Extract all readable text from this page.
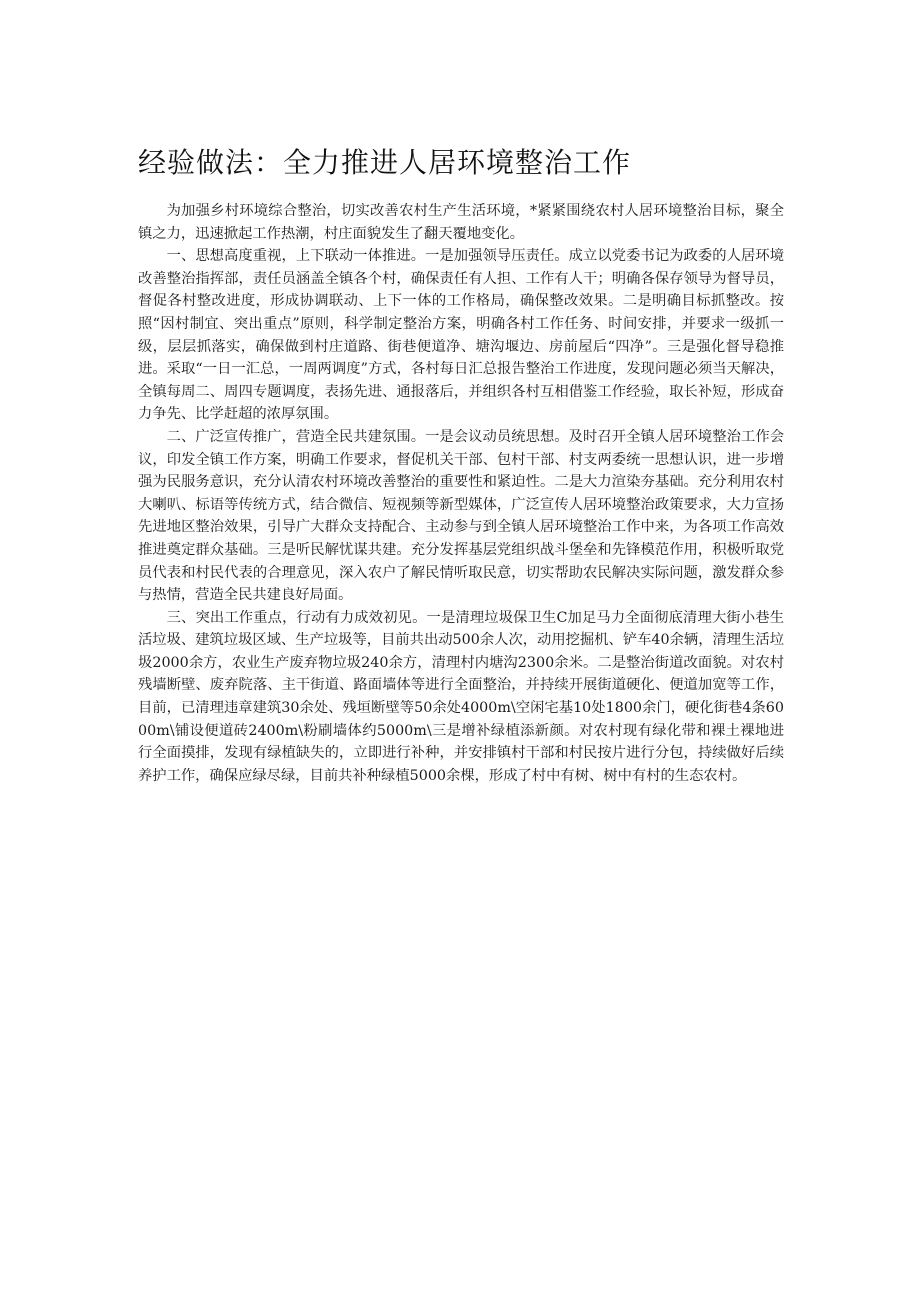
经验做法：全力推进人居环境整治工作

为加强乡村环境综合整治，切实改善农村生产生活环境，*紧紧围绕农村人居环境整治目标，聚全镇之力，迅速掀起工作热潮，村庄面貌发生了翻天覆地变化。

一、思想高度重视，上下联动一体推进。一是加强领导压责任。成立以党委书记为政委的人居环境改善整治指挥部，责任员涵盖全镇各个村，确保责任有人担、工作有人干；明确各保存领导为督导员，督促各村整改进度，形成协调联动、上下一体的工作格局，确保整改效果。二是明确目标抓整改。按照“因村制宜、突出重点”原则，科学制定整治方案，明确各村工作任务、时间安排，并要求一级抓一级，层层抓落实，确保做到村庄道路、街巷便道净、塘沟堰边、房前屋后“四净”。三是强化督导稳推进。采取“一日一汇总，一周两调度”方式，各村每日汇总报告整治工作进度，发现问题必须当天解决，全镇每周二、周四专题调度，表扬先进、通报落后，并组织各村互相借鉴工作经验，取长补短，形成奋力争先、比学赶超的浓厚氛围。

二、广泛宣传推广，营造全民共建氛围。一是会议动员统思想。及时召开全镇人居环境整治工作会议，印发全镇工作方案，明确工作要求，督促机关干部、包村干部、村支两委统一思想认识，进一步增强为民服务意识，充分认清农村环境改善整治的重要性和紧迫性。二是大力渲染夯基础。充分利用农村大喇叭、标语等传统方式，结合微信、短视频等新型媒体，广泛宣传人居环境整治政策要求，大力宣扬先进地区整治效果，引导广大群众支持配合、主动参与到全镇人居环境整治工作中来，为各项工作高效推进奠定群众基础。三是听民解忧谋共建。充分发挥基层党组织战斗堡垒和先锋模范作用，积极听取党员代表和村民代表的合理意见，深入农户了解民情听取民意，切实帮助农民解决实际问题，激发群众参与热情，营造全民共建良好局面。

三、突出工作重点，行动有力成效初见。一是清理垃圾保卫生C加足马力全面彻底清理大街小巷生活垃圾、建筑垃圾区域、生产垃圾等，目前共出动500余人次，动用挖掘机、铲车40余辆，清理生活垃圾2000余方，农业生产废弃物垃圾240余方，清理村内塘沟2300余米。二是整治街道改面貌。对农村残墙断壁、废弃院落、主干街道、路面墙体等进行全面整治，并持续开展街道硬化、便道加宽等工作，目前，已清理违章建筑30余处、残垣断壁等50余处4000m\空闲宅基10处1800余门，硬化街巷4条6000m\铺设便道砖2400m\粉刷墙体约5000m\三是增补绿植添新颜。对农村现有绿化带和裸土裸地进行全面摸排，发现有绿植缺失的，立即进行补种，并安排镇村干部和村民按片进行分包，持续做好后续养护工作，确保应绿尽绿，目前共补种绿植5000余棵，形成了村中有树、树中有村的生态农村。
